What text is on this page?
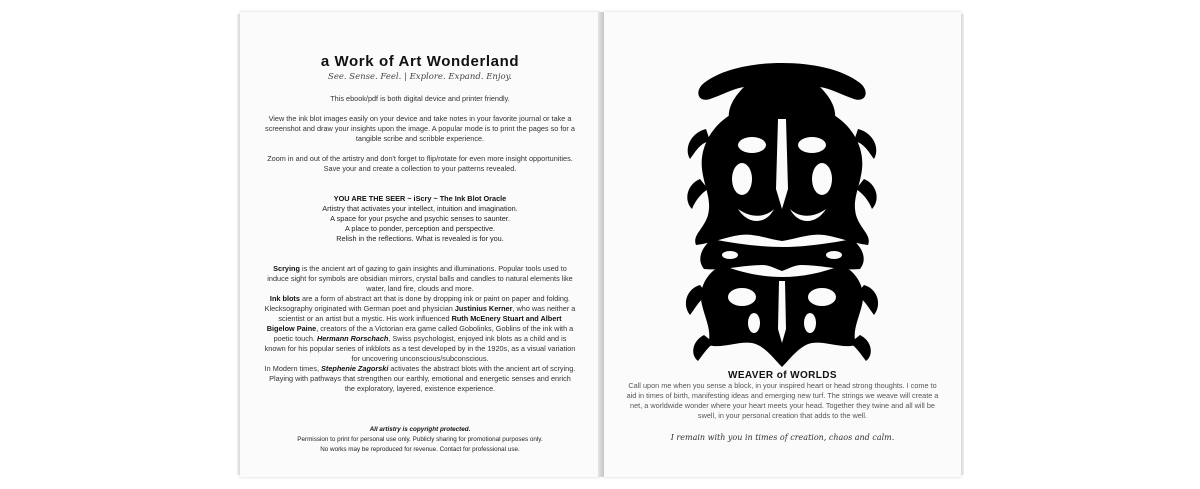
a Work of Art Wonderland
See. Sense. Feel. | Explore. Expand. Enjoy.
This ebook/pdf is both digital device and printer friendly.
View the ink blot images easily on your device and take notes in your favorite journal or take a screenshot and draw your insights upon the image. A popular mode is to print the pages so for a tangible scribe and scribble experience.
Zoom in and out of the artistry and don't forget to flip/rotate for even more insight opportunities. Save your and create a collection to your patterns revealed.
YOU ARE THE SEER ~ iScry ~ The Ink Blot Oracle
Artistry that activates your intellect, intuition and imagination.
A space for your psyche and psychic senses to saunter.
A place to ponder, perception and perspective.
Relish in the reflections. What is revealed is for you.
Scrying is the ancient art of gazing to gain insights and illuminations. Popular tools used to induce sight for symbols are obsidian mirrors, crystal balls and candles to natural elements like water, land fire, clouds and more.
Ink blots are a form of abstract art that is done by dropping ink or paint on paper and folding. Klecksography originated with German poet and physician Justinius Kerner, who was neither a scientist or an artist but a mystic. His work influenced Ruth McEnery Stuart and Albert Bigelow Paine, creators of the a Victorian era game called Gobolinks, Goblins of the ink with a poetic touch. Hermann Rorschach, Swiss psychologist, enjoyed ink blots as a child and is known for his popular series of inkblots as a test developed by in the 1920s, as a visual variation for uncovering unconscious/subconscious.
In Modern times, Stephenie Zagorski activates the abstract blots with the ancient art of scrying. Playing with pathways that strengthen our earthly, emotional and energetic senses and enrich the exploratory, layered, existence experience.
All artistry is copyright protected.
Permission to print for personal use only. Publicly sharing for promotional purposes only.
No works may be reproduced for revenue. Contact for professional use.
WEAVER of WORLDS
Call upon me when you sense a block, in your inspired heart or head strong thoughts. I come to aid in times of birth, manifesting ideas and emerging new turf. The strings we weave will create a net, a worldwide wonder where your heart meets your head. Together they twine and all will be swell, in your personal creation that adds to the well.
I remain with you in times of creation, chaos and calm.
